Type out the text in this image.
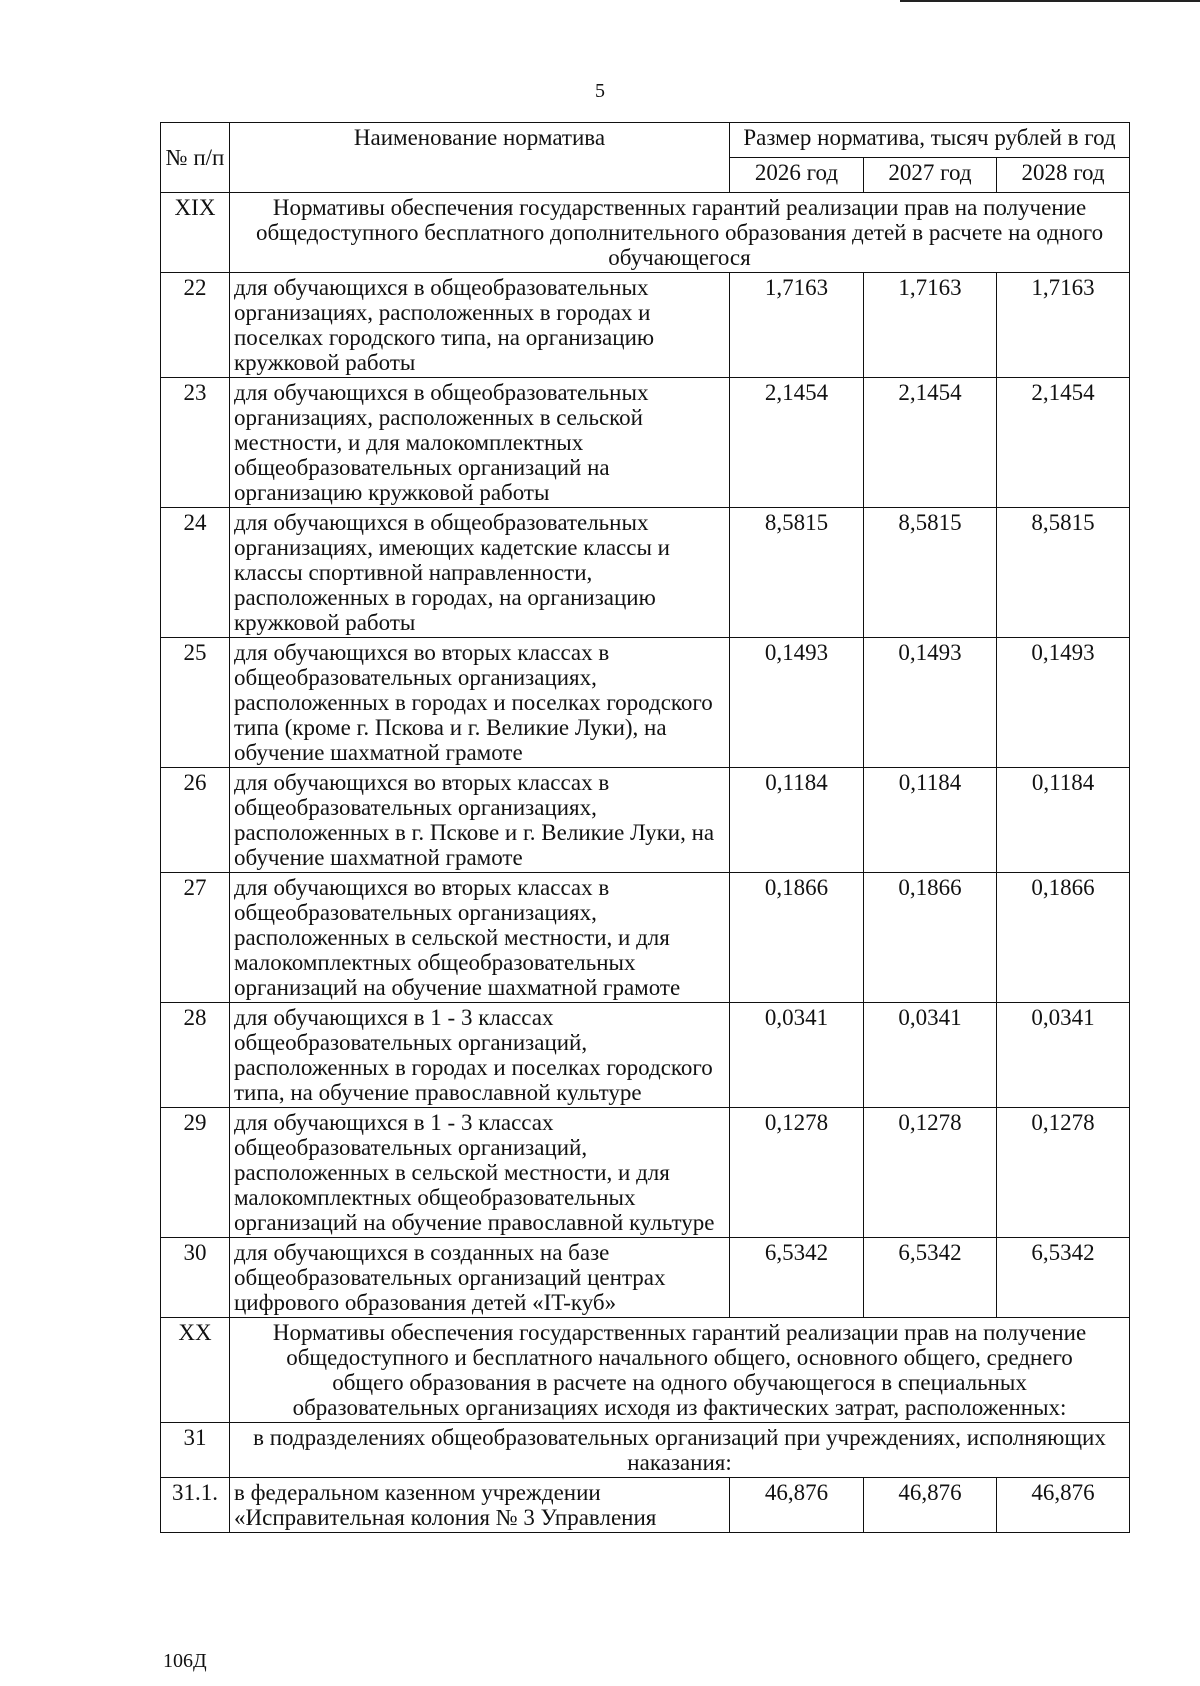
5
№ п/п	Наименование норматива	Размер норматива, тысяч рублей в год		
		2026 год	2027 год	2028 год
XIX	Нормативы обеспечения государственных гарантий реализации прав на получение общедоступного бесплатного дополнительного образования детей в расчете на одного обучающегося			
22	для обучающихся в общеобразовательных организациях, расположенных в городах и поселках городского типа, на организацию кружковой работы	1,7163	1,7163	1,7163
23	для обучающихся в общеобразовательных организациях, расположенных в сельской местности, и для малокомплектных общеобразовательных организаций на организацию кружковой работы	2,1454	2,1454	2,1454
24	для обучающихся в общеобразовательных организациях, имеющих кадетские классы и классы спортивной направленности, расположенных в городах, на организацию кружковой работы	8,5815	8,5815	8,5815
25	для обучающихся во вторых классах в общеобразовательных организациях, расположенных в городах и поселках городского типа (кроме г. Пскова и г. Великие Луки), на обучение шахматной грамоте	0,1493	0,1493	0,1493
26	для обучающихся во вторых классах в общеобразовательных организациях, расположенных в г. Пскове и г. Великие Луки, на обучение шахматной грамоте	0,1184	0,1184	0,1184
27	для обучающихся во вторых классах в общеобразовательных организациях, расположенных в сельской местности, и для малокомплектных общеобразовательных организаций на обучение шахматной грамоте	0,1866	0,1866	0,1866
28	для обучающихся в 1 - 3 классах общеобразовательных организаций, расположенных в городах и поселках городского типа, на обучение православной культуре	0,0341	0,0341	0,0341
29	для обучающихся в 1 - 3 классах общеобразовательных организаций, расположенных в сельской местности, и для малокомплектных общеобразовательных организаций на обучение православной культуре	0,1278	0,1278	0,1278
30	для обучающихся в созданных на базе общеобразовательных организаций центрах цифрового образования детей «IT-куб»	6,5342	6,5342	6,5342
XX	Нормативы обеспечения государственных гарантий реализации прав на получение общедоступного и бесплатного начального общего, основного общего, среднего общего образования в расчете на одного обучающегося в специальных образовательных организациях исходя из фактических затрат, расположенных:			
31	в подразделениях общеобразовательных организаций при учреждениях, исполняющих наказания:			
31.1.	в федеральном казенном учреждении «Исправительная колония № 3 Управления	46,876	46,876	46,876
106Д
